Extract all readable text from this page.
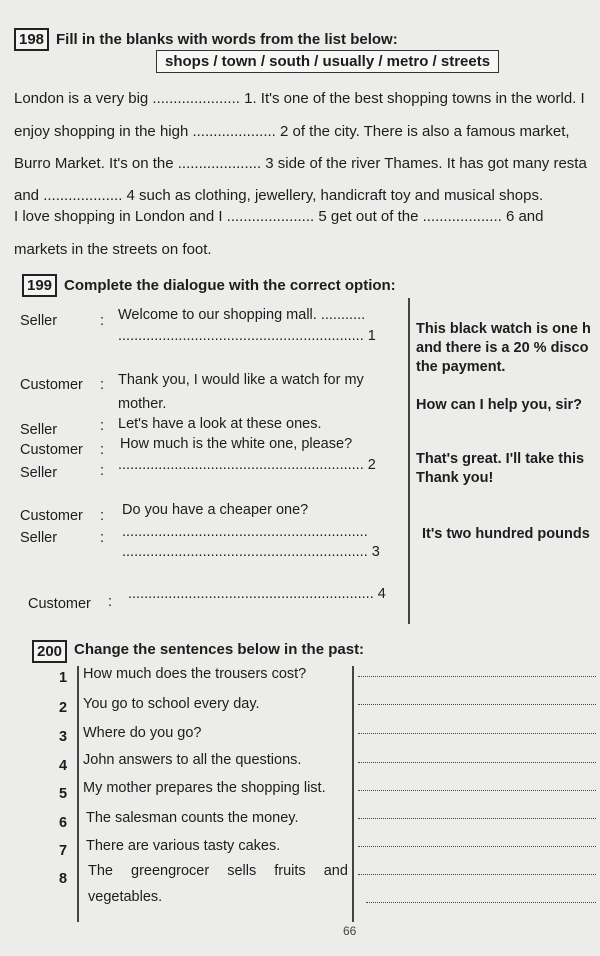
198 Fill in the blanks with words from the list below:
shops / town / south / usually / metro / streets
London is a very big ..................... 1. It's one of the best shopping towns in the world. I
enjoy shopping in the high .................... 2 of the city. There is also a famous market,
Burro Market. It's on the .................... 3 side of the river Thames. It has got many resta
and ................... 4 such as clothing, jewellery, handicraft toy and musical shops.
I love shopping in London and I ..................... 5 get out of the ................... 6 and
markets in the streets on foot.
199 Complete the dialogue with the correct option:
Seller	: Welcome to our shopping mall. ...........
............................................................. 1
Customer : Thank you, I would like a watch for my
mother.
Seller	: Let's have a look at these ones.
Customer : How much is the white one, please?
Seller	: ............................................................. 2
Customer : Do you have a cheaper one?
Seller	: .............................................................
............................................................. 3
Customer : ............................................................. 4
This black watch is one h
and there is a 20 % disco
the payment.
How can I help you, sir?
That's great. I'll take this
Thank you!
It's two hundred pounds
200 Change the sentences below in the past:
1 How much does the trousers cost?
2 You go to school every day.
3 Where do you go?
4 John answers to all the questions.
5 My mother prepares the shopping list.
6 The salesman counts the money.
7 There are various tasty cakes.
8 The greengrocer sells fruits and
vegetables.
66
